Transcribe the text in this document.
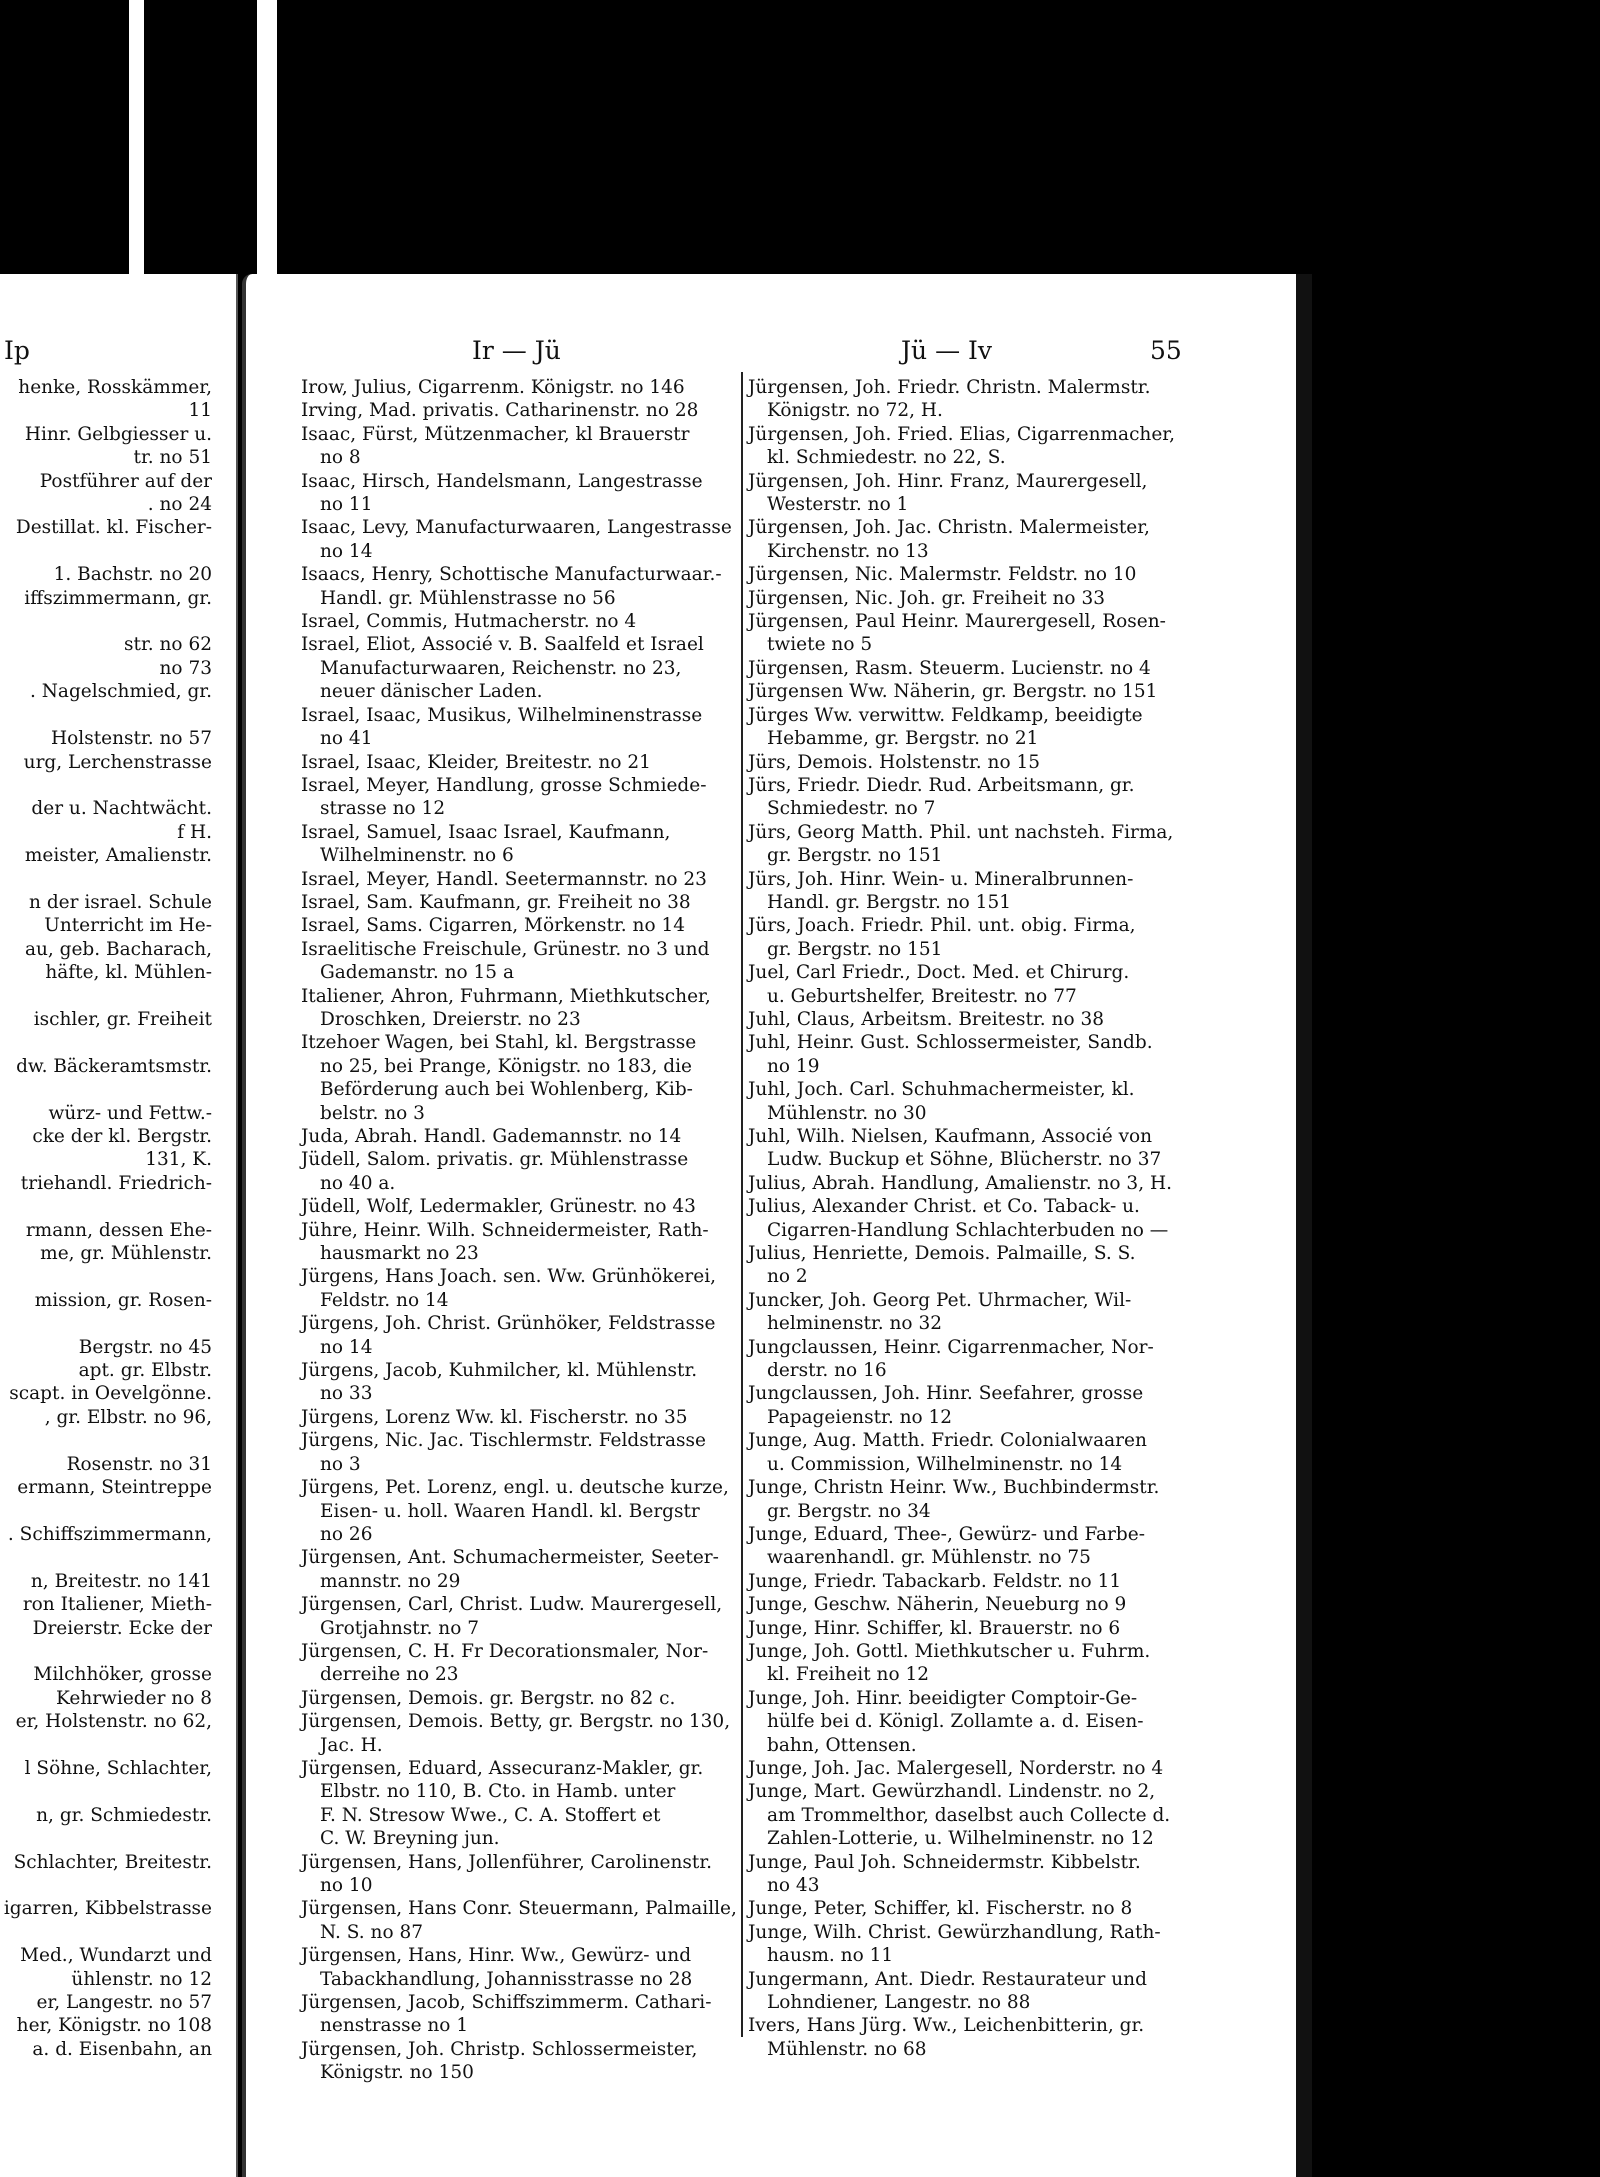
Ip
henke, Rosskämmer,
11
Hinr. Gelbgiesser u.
tr. no 51
Postführer auf der
. no 24
Destillat. kl. Fischer-

1. Bachstr. no 20
iffszimmermann, gr.

str. no 62
no 73
. Nagelschmied, gr.

Holstenstr. no 57
urg, Lerchenstrasse

der u. Nachtwächt.
f H.
meister, Amalienstr.

n der israel. Schule
Unterricht im He-
au, geb. Bacharach,
häfte, kl. Mühlen-

ischler, gr. Freiheit

dw. Bäckeramtsmstr.

würz- und Fettw.-
cke der kl. Bergstr.
131, K.
triehandl. Friedrich-

rmann, dessen Ehe-
me, gr. Mühlenstr.

mission, gr. Rosen-

Bergstr. no 45
apt. gr. Elbstr.
scapt. in Oevelgönne.
, gr. Elbstr. no 96,

Rosenstr. no 31
ermann, Steintreppe

. Schiffszimmermann,

n, Breitestr. no 141
ron Italiener, Mieth-
Dreierstr. Ecke der

Milchhöker, grosse
Kehrwieder no 8
er, Holstenstr. no 62,

l Söhne, Schlachter,

n, gr. Schmiedestr.

Schlachter, Breitestr.

igarren, Kibbelstrasse

Med., Wundarzt und
ühlenstr. no 12
er, Langestr. no 57
her, Königstr. no 108
a. d. Eisenbahn, an
Ir — Jü	Jü — Iv	55
Irow, Julius, Cigarrenm. Königstr. no 146
Irving, Mad. privatis. Catharinenstr. no 28
Isaac, Fürst, Mützenmacher, kl Brauerstr
no 8
Isaac, Hirsch, Handelsmann, Langestrasse
no 11
Isaac, Levy, Manufacturwaaren, Langestrasse
no 14
Isaacs, Henry, Schottische Manufacturwaar.-
Handl. gr. Mühlenstrasse no 56
Israel, Commis, Hutmacherstr. no 4
Israel, Eliot, Associé v. B. Saalfeld et Israel
Manufacturwaaren, Reichenstr. no 23,
neuer dänischer Laden.
Israel, Isaac, Musikus, Wilhelminenstrasse
no 41
Israel, Isaac, Kleider, Breitestr. no 21
Israel, Meyer, Handlung, grosse Schmiede-
strasse no 12
Israel, Samuel, Isaac Israel, Kaufmann,
Wilhelminenstr. no 6
Israel, Meyer, Handl. Seetermannstr. no 23
Israel, Sam. Kaufmann, gr. Freiheit no 38
Israel, Sams. Cigarren, Mörkenstr. no 14
Israelitische Freischule, Grünestr. no 3 und
Gademanstr. no 15 a
Italiener, Ahron, Fuhrmann, Miethkutscher,
Droschken, Dreierstr. no 23
Itzehoer Wagen, bei Stahl, kl. Bergstrasse
no 25, bei Prange, Königstr. no 183, die
Beförderung auch bei Wohlenberg, Kib-
belstr. no 3
Juda, Abrah. Handl. Gademannstr. no 14
Jüdell, Salom. privatis. gr. Mühlenstrasse
no 40 a.
Jüdell, Wolf, Ledermakler, Grünestr. no 43
Jühre, Heinr. Wilh. Schneidermeister, Rath-
hausmarkt no 23
Jürgens, Hans Joach. sen. Ww. Grünhökerei,
Feldstr. no 14
Jürgens, Joh. Christ. Grünhöker, Feldstrasse
no 14
Jürgens, Jacob, Kuhmilcher, kl. Mühlenstr.
no 33
Jürgens, Lorenz Ww. kl. Fischerstr. no 35
Jürgens, Nic. Jac. Tischlermstr. Feldstrasse
no 3
Jürgens, Pet. Lorenz, engl. u. deutsche kurze,
Eisen- u. holl. Waaren Handl. kl. Bergstr
no 26
Jürgensen, Ant. Schumachermeister, Seeter-
mannstr. no 29
Jürgensen, Carl, Christ. Ludw. Maurergesell,
Grotjahnstr. no 7
Jürgensen, C. H. Fr Decorationsmaler, Nor-
derreihe no 23
Jürgensen, Demois. gr. Bergstr. no 82 c.
Jürgensen, Demois. Betty, gr. Bergstr. no 130,
Jac. H.
Jürgensen, Eduard, Assecuranz-Makler, gr.
Elbstr. no 110, B. Cto. in Hamb. unter
F. N. Stresow Wwe., C. A. Stoffert et
C. W. Breyning jun.
Jürgensen, Hans, Jollenführer, Carolinenstr.
no 10
Jürgensen, Hans Conr. Steuermann, Palmaille,
N. S. no 87
Jürgensen, Hans, Hinr. Ww., Gewürz- und
Tabackhandlung, Johannisstrasse no 28
Jürgensen, Jacob, Schiffszimmerm. Cathari-
nenstrasse no 1
Jürgensen, Joh. Christp. Schlossermeister,
Königstr. no 150
Jürgensen, Joh. Friedr. Christn. Malermstr.
Königstr. no 72, H.
Jürgensen, Joh. Fried. Elias, Cigarrenmacher,
kl. Schmiedestr. no 22, S.
Jürgensen, Joh. Hinr. Franz, Maurergesell,
Westerstr. no 1
Jürgensen, Joh. Jac. Christn. Malermeister,
Kirchenstr. no 13
Jürgensen, Nic. Malermstr. Feldstr. no 10
Jürgensen, Nic. Joh. gr. Freiheit no 33
Jürgensen, Paul Heinr. Maurergesell, Rosen-
twiete no 5
Jürgensen, Rasm. Steuerm. Lucienstr. no 4
Jürgensen Ww. Näherin, gr. Bergstr. no 151
Jürges Ww. verwittw. Feldkamp, beeidigte
Hebamme, gr. Bergstr. no 21
Jürs, Demois. Holstenstr. no 15
Jürs, Friedr. Diedr. Rud. Arbeitsmann, gr.
Schmiedestr. no 7
Jürs, Georg Matth. Phil. unt nachsteh. Firma,
gr. Bergstr. no 151
Jürs, Joh. Hinr. Wein- u. Mineralbrunnen-
Handl. gr. Bergstr. no 151
Jürs, Joach. Friedr. Phil. unt. obig. Firma,
gr. Bergstr. no 151
Juel, Carl Friedr., Doct. Med. et Chirurg.
u. Geburtshelfer, Breitestr. no 77
Juhl, Claus, Arbeitsm. Breitestr. no 38
Juhl, Heinr. Gust. Schlossermeister, Sandb.
no 19
Juhl, Joch. Carl. Schuhmachermeister, kl.
Mühlenstr. no 30
Juhl, Wilh. Nielsen, Kaufmann, Associé von
Ludw. Buckup et Söhne, Blücherstr. no 37
Julius, Abrah. Handlung, Amalienstr. no 3, H.
Julius, Alexander Christ. et Co. Taback- u.
Cigarren-Handlung Schlachterbuden no —
Julius, Henriette, Demois. Palmaille, S. S.
no 2
Juncker, Joh. Georg Pet. Uhrmacher, Wil-
helminenstr. no 32
Jungclaussen, Heinr. Cigarrenmacher, Nor-
derstr. no 16
Jungclaussen, Joh. Hinr. Seefahrer, grosse
Papageienstr. no 12
Junge, Aug. Matth. Friedr. Colonialwaaren
u. Commission, Wilhelminenstr. no 14
Junge, Christn Heinr. Ww., Buchbindermstr.
gr. Bergstr. no 34
Junge, Eduard, Thee-, Gewürz- und Farbe-
waarenhandl. gr. Mühlenstr. no 75
Junge, Friedr. Tabackarb. Feldstr. no 11
Junge, Geschw. Näherin, Neueburg no 9
Junge, Hinr. Schiffer, kl. Brauerstr. no 6
Junge, Joh. Gottl. Miethkutscher u. Fuhrm.
kl. Freiheit no 12
Junge, Joh. Hinr. beeidigter Comptoir-Ge-
hülfe bei d. Königl. Zollamte a. d. Eisen-
bahn, Ottensen.
Junge, Joh. Jac. Malergesell, Norderstr. no 4
Junge, Mart. Gewürzhandl. Lindenstr. no 2,
am Trommelthor, daselbst auch Collecte d.
Zahlen-Lotterie, u. Wilhelminenstr. no 12
Junge, Paul Joh. Schneidermstr. Kibbelstr.
no 43
Junge, Peter, Schiffer, kl. Fischerstr. no 8
Junge, Wilh. Christ. Gewürzhandlung, Rath-
hausm. no 11
Jungermann, Ant. Diedr. Restaurateur und
Lohndiener, Langestr. no 88
Ivers, Hans Jürg. Ww., Leichenbitterin, gr.
Mühlenstr. no 68
